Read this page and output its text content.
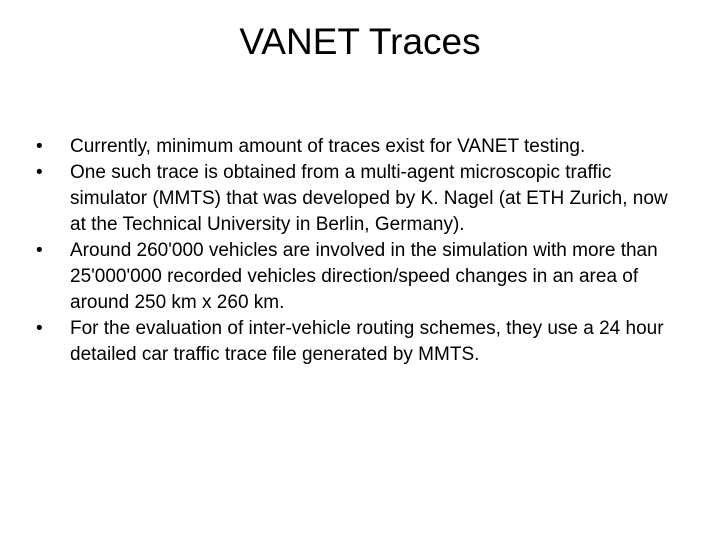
VANET Traces
•	Currently, minimum amount of traces exist for VANET testing.
•	One such trace is obtained from a multi-agent microscopic traffic simulator (MMTS) that was developed by K. Nagel (at ETH Zurich, now at the Technical University in Berlin, Germany).
•	Around 260'000 vehicles are involved in the simulation with more than 25'000'000 recorded vehicles direction/speed changes in an area of around 250 km x 260 km.
•	For the evaluation of inter-vehicle routing schemes, they use a 24 hour detailed car traffic trace file generated by MMTS.
